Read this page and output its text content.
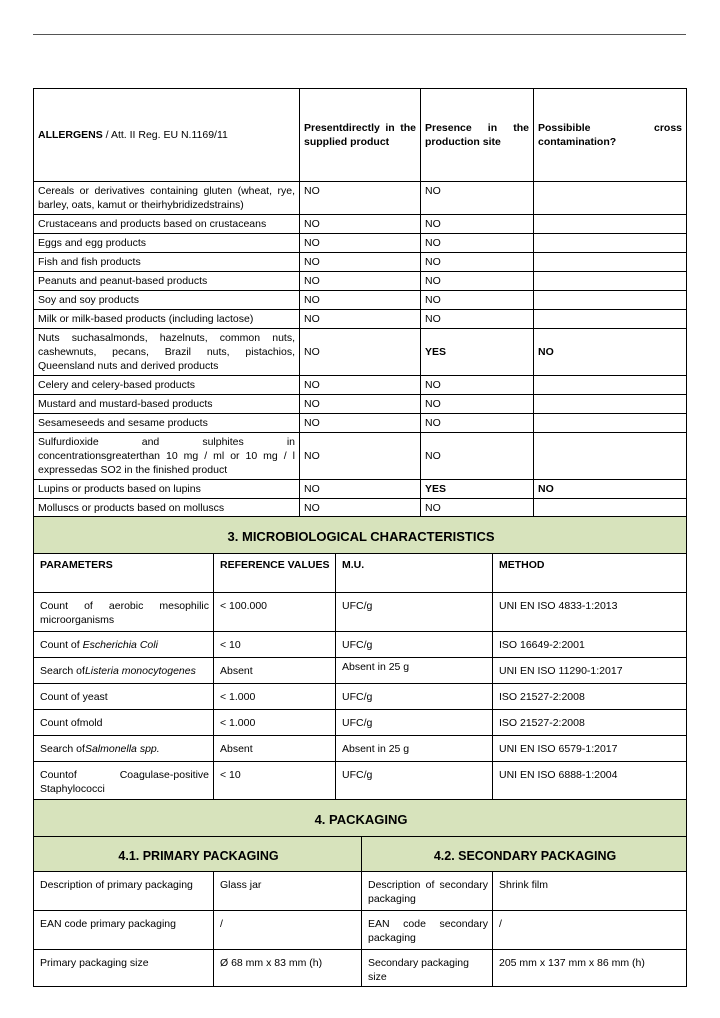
ALLERGENS / Att. II Reg. EU N.1169/11	Presentdirectly in the supplied product	Presence in the production site	Possibible cross contamination?
Cereals or derivatives containing gluten (wheat, rye, barley, oats, kamut or theirhybridizedstrains)	NO	NO	
Crustaceans and products based on crustaceans	NO	NO	
Eggs and egg products	NO	NO	
Fish and fish products	NO	NO	
Peanuts and peanut-based products	NO	NO	
Soy and soy products	NO	NO	
Milk or milk-based products (including lactose)	NO	NO	
Nuts suchasalmonds, hazelnuts, common nuts, cashewnuts, pecans, Brazil nuts, pistachios, Queensland nuts and derived products	NO	YES	NO
Celery and celery-based products	NO	NO	
Mustard and mustard-based products	NO	NO	
Sesameseeds and sesame products	NO	NO	
Sulfurdioxide and sulphites in concentrationsgreaterthan 10 mg / ml or 10 mg / l expressedas SO2 in the finished product	NO	NO	
Lupins or products based on lupins	NO	YES	NO
Molluscs or products based on molluscs	NO	NO	
3. MICROBIOLOGICAL CHARACTERISTICS				
PARAMETERS	REFERENCE VALUES	M.U.		METHOD
Count of aerobic mesophilic microorganisms	< 100.000	UFC/g		UNI EN ISO 4833-1:2013
Count of Escherichia Coli	< 10	UFC/g		ISO 16649-2:2001
Search ofListeria monocytogenes	Absent	Absent in 25 g		UNI EN ISO 11290-1:2017
Count of yeast	< 1.000	UFC/g		ISO 21527-2:2008
Count ofmold	< 1.000	UFC/g		ISO 21527-2:2008
Search ofSalmonella spp.	Absent	Absent in 25 g		UNI EN ISO 6579-1:2017
Countof Coagulase-positive Staphylococci	< 10	UFC/g		UNI EN ISO 6888-1:2004
4. PACKAGING				
4.1. PRIMARY PACKAGING			4.2. SECONDARY PACKAGING	
Description of primary packaging	Glass jar		Description of secondary packaging	Shrink film
EAN code primary packaging	/		EAN code secondary packaging	/
Primary packaging size	Ø 68 mm x 83 mm (h)		Secondary packaging size	205 mm x 137 mm x 86 mm (h)
